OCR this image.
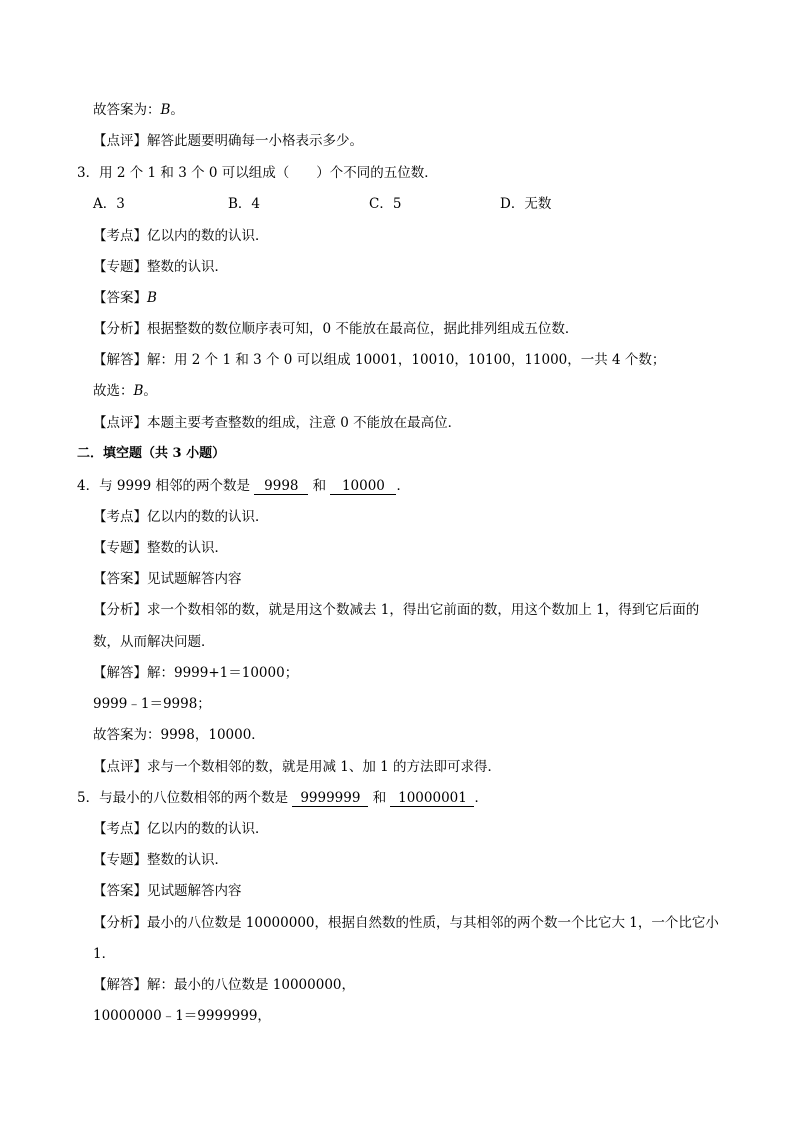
故答案为：B。
【点评】解答此题要明确每一小格表示多少。
3．用 2 个 1 和 3 个 0 可以组成（　　）个不同的五位数．
A．3	B．4	C．5	D．无数
【考点】亿以内的数的认识．
【专题】整数的认识．
【答案】B
【分析】根据整数的数位顺序表可知，0 不能放在最高位，据此排列组成五位数．
【解答】解：用 2 个 1 和 3 个 0 可以组成 10001，10010，10100，11000，一共 4 个数；
故选：B。
【点评】本题主要考查整数的组成，注意 0 不能放在最高位．
二．填空题（共 3 小题）
4．与 9999 相邻的两个数是 9998 和 10000 ．
【考点】亿以内的数的认识．
【专题】整数的认识．
【答案】见试题解答内容
【分析】求一个数相邻的数，就是用这个数减去 1，得出它前面的数，用这个数加上 1，得到它后面的
数，从而解决问题．
【解答】解：9999+1＝10000；
9999﹣1＝9998；
故答案为：9998，10000．
【点评】求与一个数相邻的数，就是用减 1、加 1 的方法即可求得．
5．与最小的八位数相邻的两个数是 9999999 和 10000001 ．
【考点】亿以内的数的认识．
【专题】整数的认识．
【答案】见试题解答内容
【分析】最小的八位数是 10000000，根据自然数的性质，与其相邻的两个数一个比它大 1，一个比它小
1．
【解答】解：最小的八位数是 10000000，
10000000﹣1＝9999999，
